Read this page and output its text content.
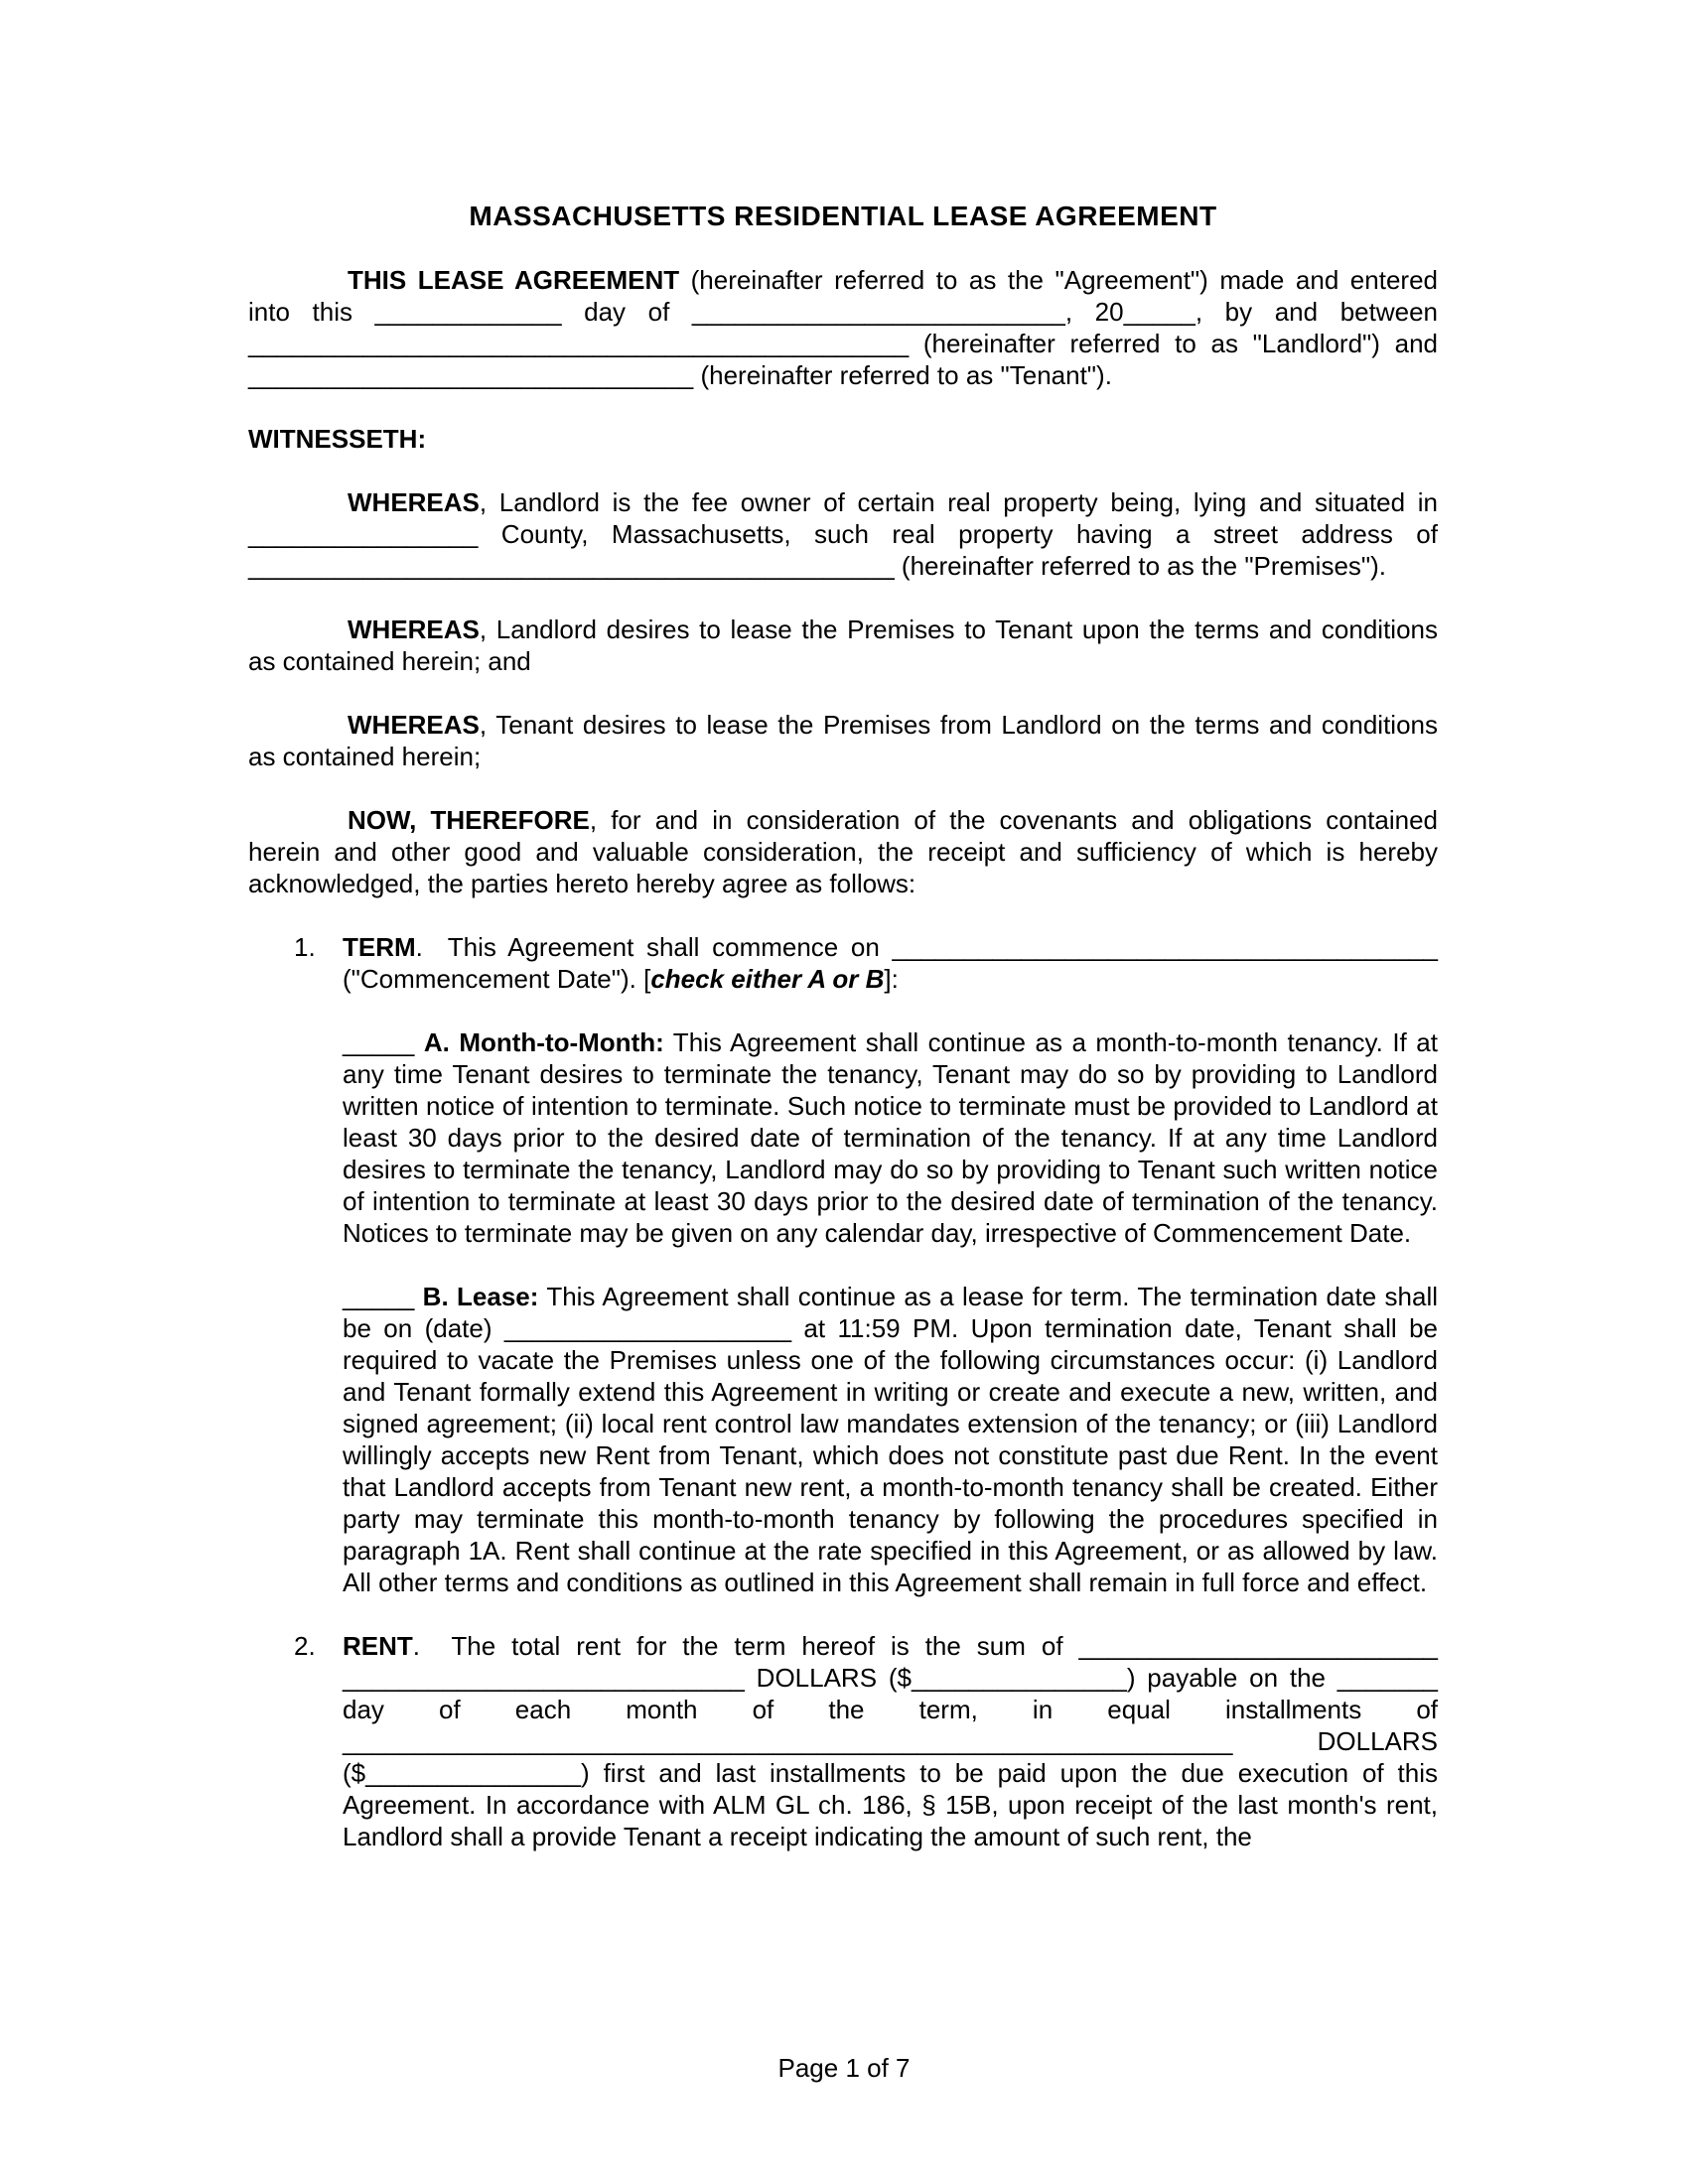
MASSACHUSETTS RESIDENTIAL LEASE AGREEMENT
THIS LEASE AGREEMENT (hereinafter referred to as the "Agreement") made and entered into this _____________ day of __________________________, 20_____, by and between ______________________________________________ (hereinafter referred to as "Landlord") and _______________________________ (hereinafter referred to as "Tenant").
WITNESSETH:
WHEREAS, Landlord is the fee owner of certain real property being, lying and situated in ________________ County, Massachusetts, such real property having a street address of _____________________________________________ (hereinafter referred to as the "Premises").
WHEREAS, Landlord desires to lease the Premises to Tenant upon the terms and conditions as contained herein; and
WHEREAS, Tenant desires to lease the Premises from Landlord on the terms and conditions as contained herein;
NOW, THEREFORE, for and in consideration of the covenants and obligations contained herein and other good and valuable consideration, the receipt and sufficiency of which is hereby acknowledged, the parties hereto hereby agree as follows:
1. TERM.  This Agreement shall commence on ______________________________________ ("Commencement Date"). [check either A or B]:
_____ A. Month-to-Month: This Agreement shall continue as a month-to-month tenancy. If at any time Tenant desires to terminate the tenancy, Tenant may do so by providing to Landlord written notice of intention to terminate. Such notice to terminate must be provided to Landlord at least 30 days prior to the desired date of termination of the tenancy. If at any time Landlord desires to terminate the tenancy, Landlord may do so by providing to Tenant such written notice of intention to terminate at least 30 days prior to the desired date of termination of the tenancy. Notices to terminate may be given on any calendar day, irrespective of Commencement Date.
_____ B. Lease: This Agreement shall continue as a lease for term. The termination date shall be on (date) ____________________ at 11:59 PM. Upon termination date, Tenant shall be required to vacate the Premises unless one of the following circumstances occur: (i) Landlord and Tenant formally extend this Agreement in writing or create and execute a new, written, and signed agreement; (ii) local rent control law mandates extension of the tenancy; or (iii) Landlord willingly accepts new Rent from Tenant, which does not constitute past due Rent. In the event that Landlord accepts from Tenant new rent, a month-to-month tenancy shall be created. Either party may terminate this month-to-month tenancy by following the procedures specified in paragraph 1A. Rent shall continue at the rate specified in this Agreement, or as allowed by law. All other terms and conditions as outlined in this Agreement shall remain in full force and effect.
2. RENT.  The total rent for the term hereof is the sum of _________________________ ____________________________ DOLLARS ($_______________) payable on the _______ day of each month of the term, in equal installments of ______________________________________________________________ DOLLARS ($_______________) first and last installments to be paid upon the due execution of this Agreement. In accordance with ALM GL ch. 186, § 15B, upon receipt of the last month's rent, Landlord shall a provide Tenant a receipt indicating the amount of such rent, the
Page 1 of 7
